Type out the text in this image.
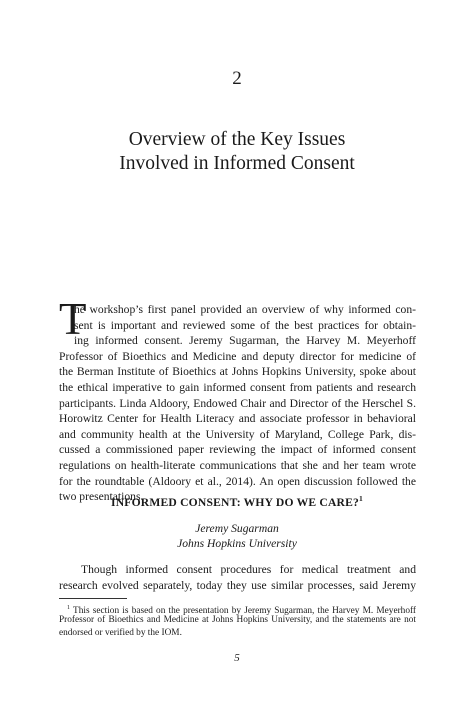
2
Overview of the Key Issues
Involved in Informed Consent
T
he workshop’s first panel provided an overview of why informed con-
sent is important and reviewed some of the best practices for obtain-
ing informed consent. Jeremy Sugarman, the Harvey M. Meyerhoff
Professor of Bioethics and Medicine and deputy director for medicine of
the Berman Institute of Bioethics at Johns Hopkins University, spoke about
the ethical imperative to gain informed consent from patients and research
participants. Linda Aldoory, Endowed Chair and Director of the Herschel S.
Horowitz Center for Health Literacy and associate professor in behavioral
and community health at the University of Maryland, College Park, dis-
cussed a commissioned paper reviewing the impact of informed consent
regulations on health-literate communications that she and her team wrote
for the roundtable (Aldoory et al., 2014). An open discussion followed the
two presentations.
INFORMED CONSENT: WHY DO WE CARE?$^1$
Jeremy Sugarman
Johns Hopkins University
Though informed consent procedures for medical treatment and
research evolved separately, today they use similar processes, said Jeremy
$^1$ This section is based on the presentation by Jeremy Sugarman, the Harvey M. Meyerhoff
Professor of Bioethics and Medicine at Johns Hopkins University, and the statements are not
endorsed or verified by the IOM.
5
